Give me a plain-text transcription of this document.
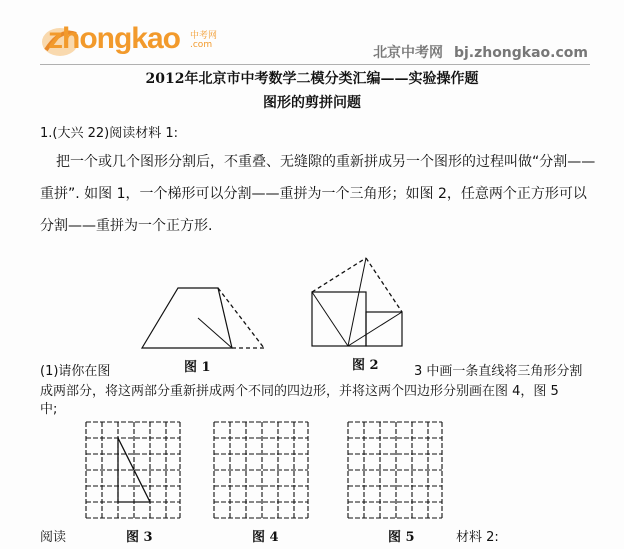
zhongkao 中考网
.com	北京中考网 bj.zhongkao.com
2012年北京市中考数学二模分类汇编——实验操作题
图形的剪拼问题
1.(大兴 22)阅读材料 1:
把一个或几个图形分割后，不重叠、无缝隙的重新拼成另一个图形的过程叫做“分割——
重拼”. 如图 1，一个梯形可以分割——重拼为一个三角形；如图 2，任意两个正方形可以
分割——重拼为一个正方形.
图 1	图 2
(1)请你在图	3 中画一条直线将三角形分割
成两部分，将这两部分重新拼成两个不同的四边形，并将这两个四边形分别画在图 4，图 5
中;
图 3	图 4	图 5
阅读	材料 2:
